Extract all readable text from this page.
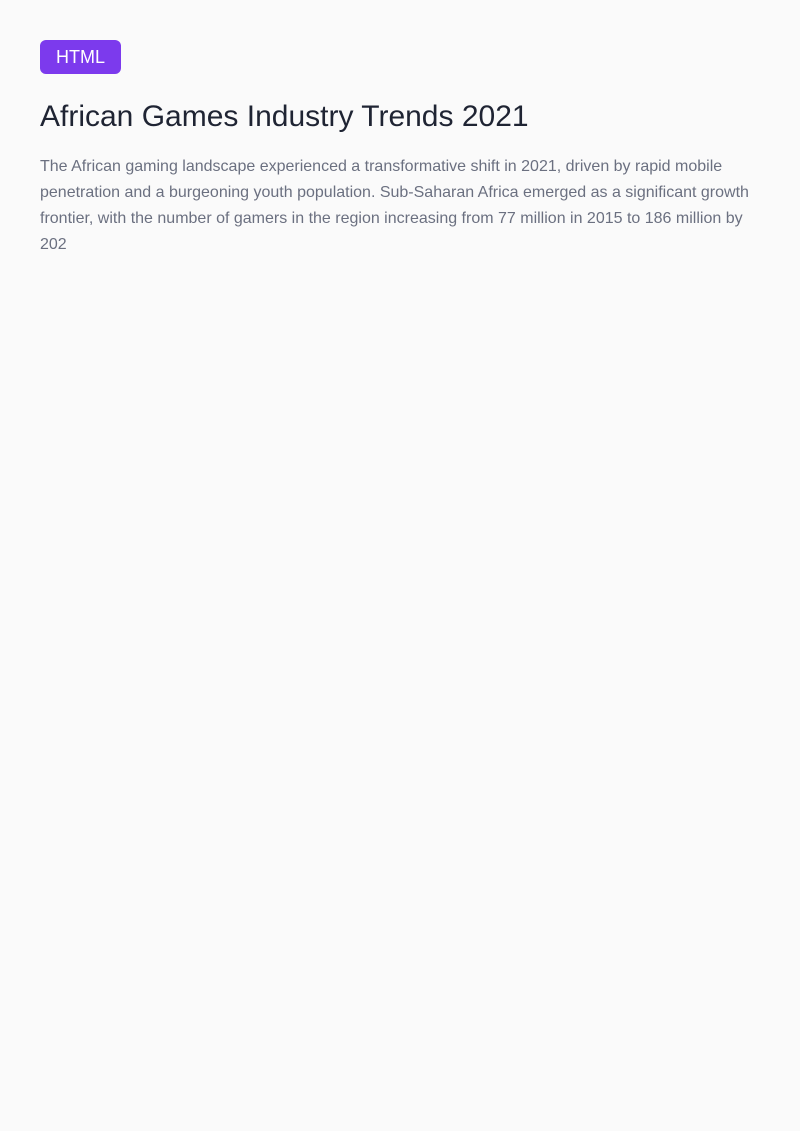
HTML
African Games Industry Trends 2021

The African gaming landscape experienced a transformative shift in 2021, driven by rapid mobile penetration and a burgeoning youth population. Sub-Saharan Africa emerged as a significant growth frontier, with the number of gamers in the region increasing from 77 million in 2015 to 186 million by 202
